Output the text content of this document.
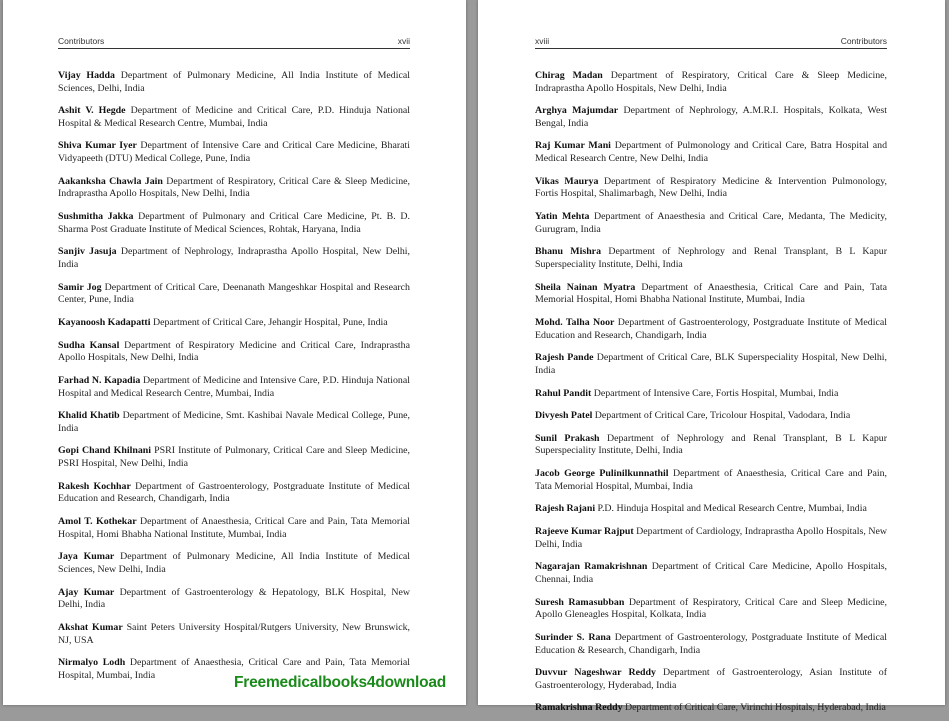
Contributors	xvii

Vijay Hadda Department of Pulmonary Medicine, All India Institute of Medical Sciences, Delhi, India

Ashit V. Hegde Department of Medicine and Critical Care, P.D. Hinduja National Hospital & Medical Research Centre, Mumbai, India

Shiva Kumar Iyer Department of Intensive Care and Critical Care Medicine, Bharati Vidyapeeth (DTU) Medical College, Pune, India

Aakanksha Chawla Jain Department of Respiratory, Critical Care & Sleep Medicine, Indraprastha Apollo Hospitals, New Delhi, India

Sushmitha Jakka Department of Pulmonary and Critical Care Medicine, Pt. B. D. Sharma Post Graduate Institute of Medical Sciences, Rohtak, Haryana, India

Sanjiv Jasuja Department of Nephrology, Indraprastha Apollo Hospital, New Delhi, India

Samir Jog Department of Critical Care, Deenanath Mangeshkar Hospital and Research Center, Pune, India

Kayanoosh Kadapatti Department of Critical Care, Jehangir Hospital, Pune, India

Sudha Kansal Department of Respiratory Medicine and Critical Care, Indraprastha Apollo Hospitals, New Delhi, India

Farhad N. Kapadia Department of Medicine and Intensive Care, P.D. Hinduja National Hospital and Medical Research Centre, Mumbai, India

Khalid Khatib Department of Medicine, Smt. Kashibai Navale Medical College, Pune, India

Gopi Chand Khilnani PSRI Institute of Pulmonary, Critical Care and Sleep Medicine, PSRI Hospital, New Delhi, India

Rakesh Kochhar Department of Gastroenterology, Postgraduate Institute of Medical Education and Research, Chandigarh, India

Amol T. Kothekar Department of Anaesthesia, Critical Care and Pain, Tata Memorial Hospital, Homi Bhabha National Institute, Mumbai, India

Jaya Kumar Department of Pulmonary Medicine, All India Institute of Medical Sciences, New Delhi, India

Ajay Kumar Department of Gastroenterology & Hepatology, BLK Hospital, New Delhi, India

Akshat Kumar Saint Peters University Hospital/Rutgers University, New Brunswick, NJ, USA

Nirmalyo Lodh Department of Anaesthesia, Critical Care and Pain, Tata Memorial Hospital, Mumbai, India	Freemedicalbooks4download
xviii	Contributors

Chirag Madan Department of Respiratory, Critical Care & Sleep Medicine, Indraprastha Apollo Hospitals, New Delhi, India

Arghya Majumdar Department of Nephrology, A.M.R.I. Hospitals, Kolkata, West Bengal, India

Raj Kumar Mani Department of Pulmonology and Critical Care, Batra Hospital and Medical Research Centre, New Delhi, India

Vikas Maurya Department of Respiratory Medicine & Intervention Pulmonology, Fortis Hospital, Shalimarbagh, New Delhi, India

Yatin Mehta Department of Anaesthesia and Critical Care, Medanta, The Medicity, Gurugram, India

Bhanu Mishra Department of Nephrology and Renal Transplant, B L Kapur Superspeciality Institute, Delhi, India

Sheila Nainan Myatra Department of Anaesthesia, Critical Care and Pain, Tata Memorial Hospital, Homi Bhabha National Institute, Mumbai, India

Mohd. Talha Noor Department of Gastroenterology, Postgraduate Institute of Medical Education and Research, Chandigarh, India

Rajesh Pande Department of Critical Care, BLK Superspeciality Hospital, New Delhi, India

Rahul Pandit Department of Intensive Care, Fortis Hospital, Mumbai, India

Divyesh Patel Department of Critical Care, Tricolour Hospital, Vadodara, India

Sunil Prakash Department of Nephrology and Renal Transplant, B L Kapur Superspeciality Institute, Delhi, India

Jacob George Pulinilkunnathil Department of Anaesthesia, Critical Care and Pain, Tata Memorial Hospital, Mumbai, India

Rajesh Rajani P.D. Hinduja Hospital and Medical Research Centre, Mumbai, India

Rajeeve Kumar Rajput Department of Cardiology, Indraprastha Apollo Hospitals, New Delhi, India

Nagarajan Ramakrishnan Department of Critical Care Medicine, Apollo Hospitals, Chennai, India

Suresh Ramasubban Department of Respiratory, Critical Care and Sleep Medicine, Apollo Gleneagles Hospital, Kolkata, India

Surinder S. Rana Department of Gastroenterology, Postgraduate Institute of Medical Education & Research, Chandigarh, India

Duvvur Nageshwar Reddy Department of Gastroenterology, Asian Institute of Gastroenterology, Hyderabad, India

Ramakrishna Reddy Department of Critical Care, Virinchi Hospitals, Hyderabad, India
